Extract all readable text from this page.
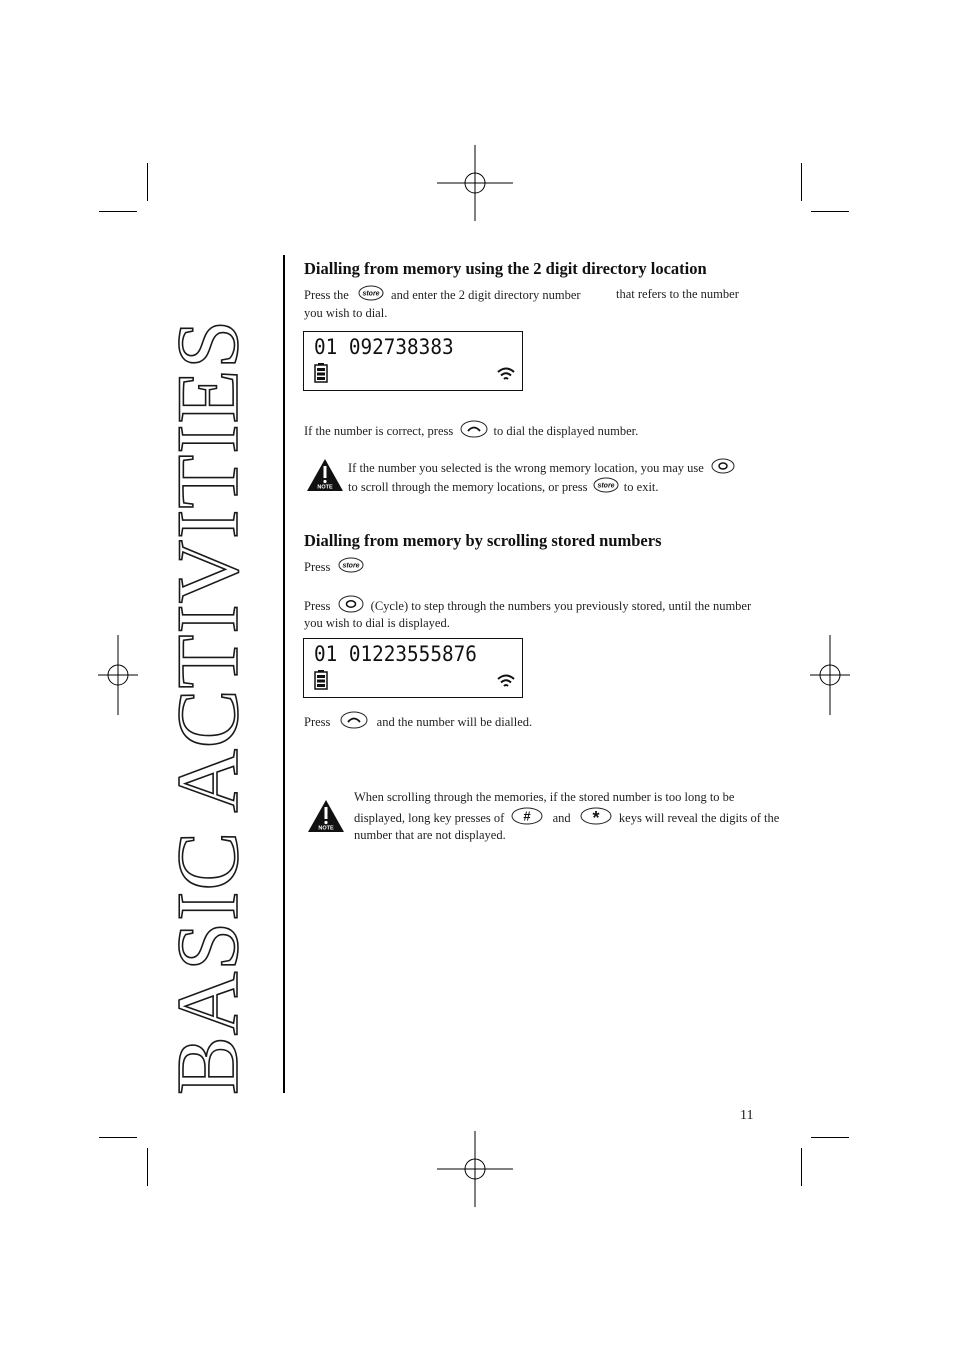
BASIC ACTIVITIES
Dialling from memory using the 2 digit directory location
Press the store and enter the 2 digit directory number	that refers to the number
you wish to dial.
01 092738383
If the number is correct, press	to dial the displayed number.
NOTE
If the number you selected is the wrong memory location, you may use
to scroll through the memory locations, or press store to exit.
Dialling from memory by scrolling stored numbers
Press store
Press	(Cycle) to step through the numbers you previously stored, until the number
you wish to dial is displayed.
01 01223555876
Press	and the number will be dialled.
NOTE
When scrolling through the memories, if the stored number is too long to be
displayed, long key presses of # and * keys will reveal the digits of the
number that are not displayed.
11
